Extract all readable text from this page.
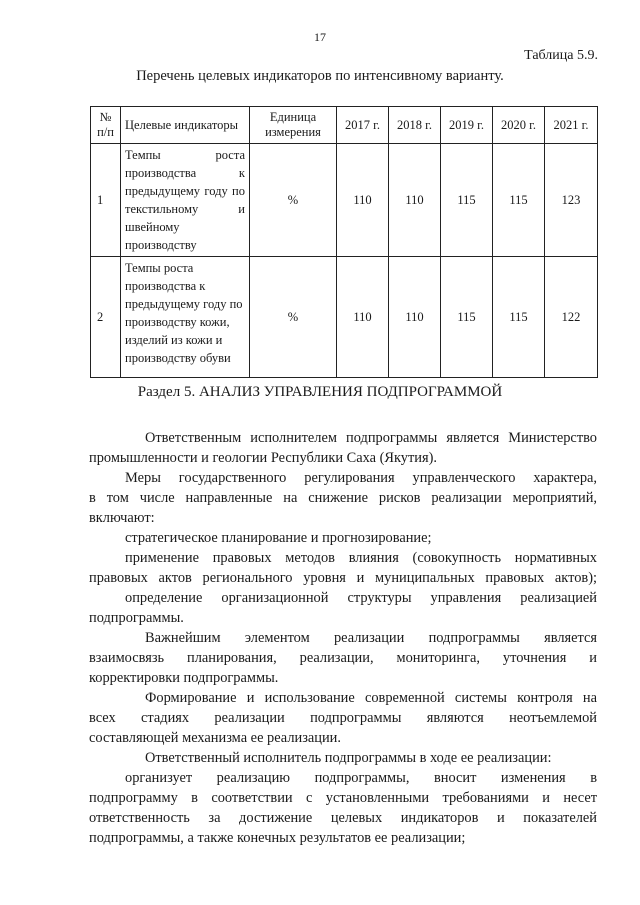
17
Таблица 5.9.
Перечень целевых индикаторов по интенсивному варианту.
№ п/п	Целевые индикаторы	Единица измерения	2017 г.	2018 г.	2019 г.	2020 г.	2021 г.
1	Темпы роста производства к предыдущему году по текстильному и швейному производству	%	110	110	115	115	123
2	Темпы роста производства к предыдущему году по производству кожи, изделий из кожи и производству обуви	%	110	110	115	115	122
Раздел 5. АНАЛИЗ УПРАВЛЕНИЯ ПОДПРОГРАММОЙ

Ответственным исполнителем подпрограммы является Министерство

промышленности и геологии Республики Саха (Якутия).

Меры государственного регулирования управленческого характера,

в том числе направленные на снижение рисков реализации мероприятий,

включают:

стратегическое планирование и прогнозирование;

применение правовых методов влияния (совокупность нормативных

правовых актов регионального уровня и муниципальных правовых актов);

определение организационной структуры управления реализацией

подпрограммы.

Важнейшим элементом реализации подпрограммы является

взаимосвязь планирования, реализации, мониторинга, уточнения и

корректировки подпрограммы.

Формирование и использование современной системы контроля на

всех стадиях реализации подпрограммы являются неотъемлемой

составляющей механизма ее реализации.

Ответственный исполнитель подпрограммы в ходе ее реализации:

организует реализацию подпрограммы, вносит изменения в

подпрограмму в соответствии с установленными требованиями и несет

ответственность за достижение целевых индикаторов и показателей

подпрограммы, а также конечных результатов ее реализации;
